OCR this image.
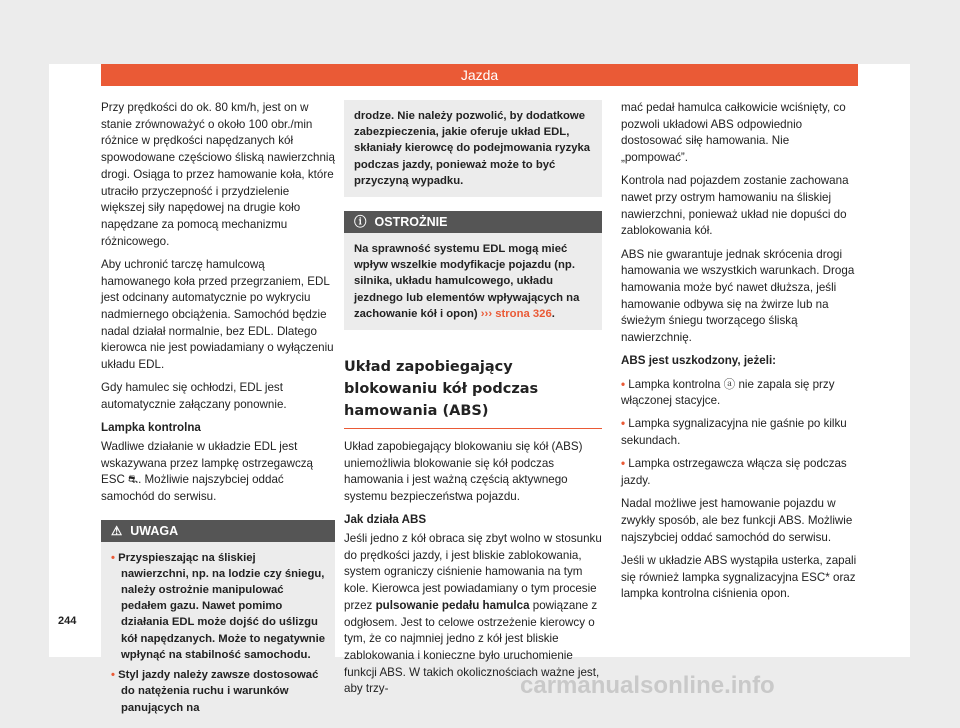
Jazda

Przy prędkości do ok. 80 km/h, jest on w stanie zrównoważyć o około 100 obr./min różnice w prędkości napędzanych kół spowodowane częściowo śliską nawierzchnią drogi. Osiąga to przez hamowanie koła, które utraciło przyczepność i przydzielenie większej siły napędowej na drugie koło napędzane za pomocą mechanizmu różnicowego.

Aby uchronić tarczę hamulcową hamowanego koła przed przegrzaniem, EDL jest odcinany automatycznie po wykryciu nadmiernego obciążenia. Samochód będzie nadal działał normalnie, bez EDL. Dlatego kierowca nie jest powiadamiany o wyłączeniu układu EDL.

Gdy hamulec się ochłodzi, EDL jest automatycznie załączany ponownie.

Lampka kontrolna

Wadliwe działanie w układzie EDL jest wskazywana przez lampkę ostrzegawczą ESC ⛐. Możliwie najszybciej oddać samochód do serwisu.

⚠ UWAGA
• Przyspieszając na śliskiej nawierzchni, np. na lodzie czy śniegu, należy ostrożnie manipulować pedałem gazu. Nawet pomimo działania EDL może dojść do uślizgu kół napędzanych. Może to negatywnie wpłynąć na stabilność samochodu.
• Styl jazdy należy zawsze dostosować do natężenia ruchu i warunków panujących na
drodze. Nie należy pozwolić, by dodatkowe zabezpieczenia, jakie oferuje układ EDL, skłaniały kierowcę do podejmowania ryzyka podczas jazdy, ponieważ może to być przyczyną wypadku.
ⓘ OSTROŻNIE
Na sprawność systemu EDL mogą mieć wpływ wszelkie modyfikacje pojazdu (np. silnika, układu hamulcowego, układu jezdnego lub elementów wpływających na zachowanie kół i opon) ››› strona 326.
Układ zapobiegający blokowaniu kół podczas hamowania (ABS)

Układ zapobiegający blokowaniu się kół (ABS) uniemożliwia blokowanie się kół podczas hamowania i jest ważną częścią aktywnego systemu bezpieczeństwa pojazdu.

Jak działa ABS

Jeśli jedno z kół obraca się zbyt wolno w stosunku do prędkości jazdy, i jest bliskie zablokowania, system ograniczy ciśnienie hamowania na tym kole. Kierowca jest powiadamiany o tym procesie przez pulsowanie pedału hamulca powiązane z odgłosem. Jest to celowe ostrzeżenie kierowcy o tym, że co najmniej jedno z kół jest bliskie zablokowania i konieczne było uruchomienie funkcji ABS. W takich okolicznościach ważne jest, aby trzy-

mać pedał hamulca całkowicie wciśnięty, co pozwoli układowi ABS odpowiednio dostosować siłę hamowania. Nie „pompować”.

Kontrola nad pojazdem zostanie zachowana nawet przy ostrym hamowaniu na śliskiej nawierzchni, ponieważ układ nie dopuści do zablokowania kół.

ABS nie gwarantuje jednak skrócenia drogi hamowania we wszystkich warunkach. Droga hamowania może być nawet dłuższa, jeśli hamowanie odbywa się na żwirze lub na świeżym śniegu tworzącego śliską nawierzchnię.

ABS jest uszkodzony, jeżeli:

• Lampka kontrolna ⓐ nie zapala się przy włączonej stacyjce.

• Lampka sygnalizacyjna nie gaśnie po kilku sekundach.

• Lampka ostrzegawcza włącza się podczas jazdy.

Nadal możliwe jest hamowanie pojazdu w zwykły sposób, ale bez funkcji ABS. Możliwie najszybciej oddać samochód do serwisu.

Jeśli w układzie ABS wystąpiła usterka, zapali się również lampka sygnalizacyjna ESC* oraz lampka kontrolna ciśnienia opon.

244
carmanualsonline.info
